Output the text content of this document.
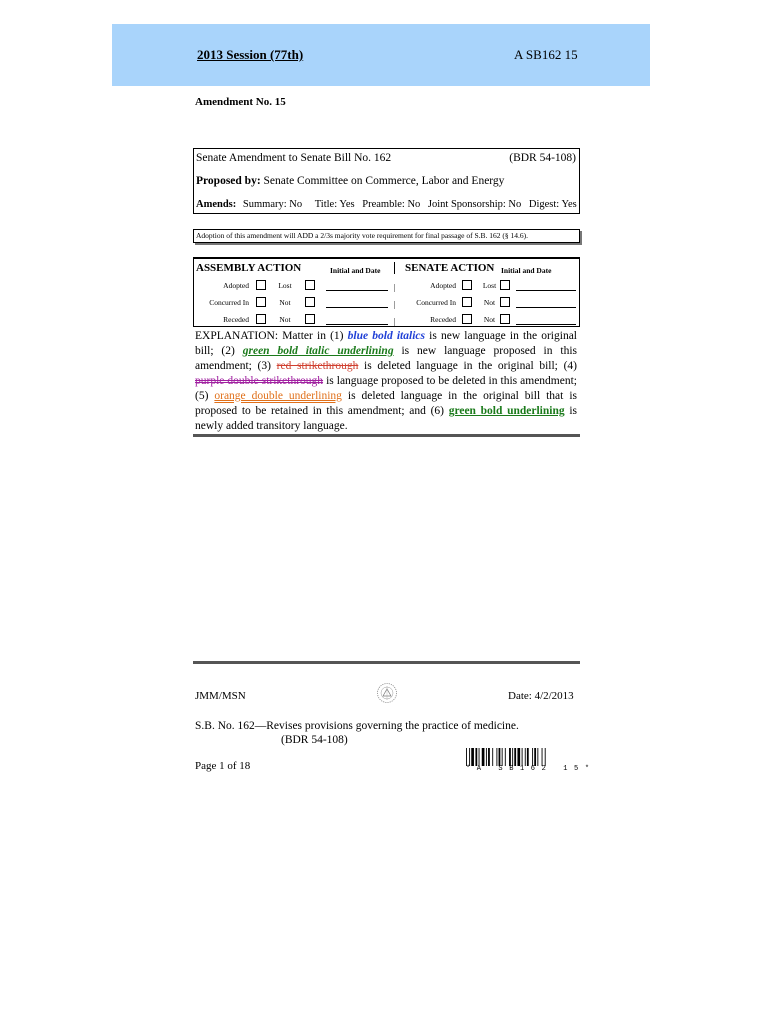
2013 Session (77th)	A SB162 15
Amendment No. 15
Senate Amendment to Senate Bill No. 162	(BDR 54-108)
Proposed by: Senate Committee on Commerce, Labor and Energy
Amends: Summary: No Title: Yes Preamble: No Joint Sponsorship: No Digest: Yes
Adoption of this amendment will ADD a 2/3s majority vote requirement for final passage of S.B. 162 (§ 14.6).
ASSEMBLY ACTION	Initial and Date SENATE ACTION Initial and Date
Adopted	Lost	|	Adopted	Lost
Concurred In	Not	|	Concurred In	Not
Receded	Not	|	Receded	Not
EXPLANATION: Matter in (1) blue bold italics is new language in the original bill; (2) green bold italic underlining is new language proposed in this amendment; (3) red strikethrough is deleted language in the original bill; (4) purple double strikethrough is language proposed to be deleted in this amendment; (5) orange double underlining is deleted language in the original bill that is proposed to be retained in this amendment; and (6) green bold underlining is newly added transitory language.
JMM/MSN	Date: 4/2/2013
S.B. No. 162—Revises provisions governing the practice of medicine.
(BDR 54-108)
Page 1 of 18	* A   S B 1 6 2   1 5 *
